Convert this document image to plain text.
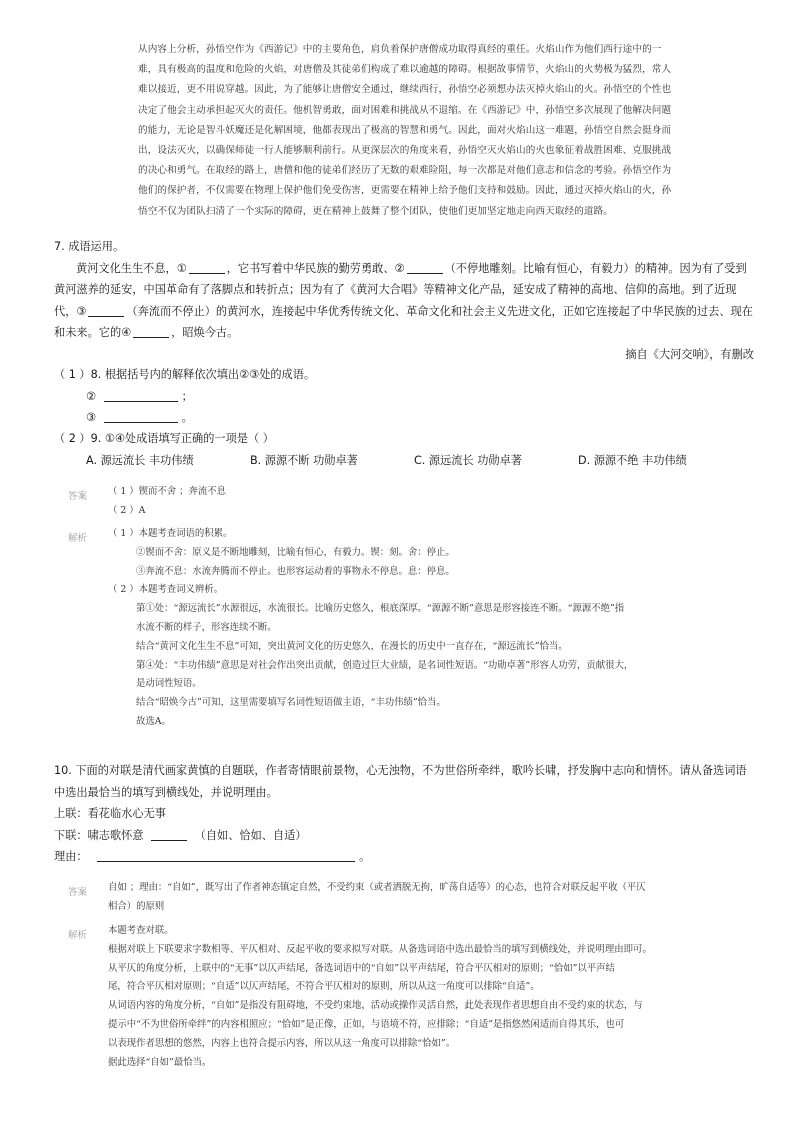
从内容上分析，孙悟空作为《西游记》中的主要角色，肩负着保护唐僧成功取得真经的重任。火焰山作为他们西行途中的一
难，具有极高的温度和危险的火焰，对唐僧及其徒弟们构成了难以逾越的障碍。根据故事情节，火焰山的火势极为猛烈，常人
难以接近，更不用说穿越。因此，为了能够让唐僧安全通过，继续西行，孙悟空必须想办法灭掉火焰山的火。孙悟空的个性也
决定了他会主动承担起灭火的责任。他机智勇敢，面对困难和挑战从不退缩。在《西游记》中，孙悟空多次展现了他解决问题
的能力，无论是智斗妖魔还是化解困境，他都表现出了极高的智慧和勇气。因此，面对火焰山这一难题，孙悟空自然会挺身而
出，设法灭火，以确保师徒一行人能够顺利前行。从更深层次的角度来看，孙悟空灭火焰山的火也象征着战胜困难、克服挑战
的决心和勇气。在取经的路上，唐僧和他的徒弟们经历了无数的艰难险阻，每一次都是对他们意志和信念的考验。孙悟空作为
他们的保护者，不仅需要在物理上保护他们免受伤害，更需要在精神上给予他们支持和鼓励。因此，通过灭掉火焰山的火，孙
悟空不仅为团队扫清了一个实际的障碍，更在精神上鼓舞了整个团队，使他们更加坚定地走向西天取经的道路。
7. 成语运用。
黄河文化生生不息，①	，它书写着中华民族的勤劳勇敢、②	（不停地雕刻。比喻有恒心，有毅力）的精神。因为有了受到
黄河滋养的延安，中国革命有了落脚点和转折点；因为有了《黄河大合唱》等精神文化产品，延安成了精神的高地、信仰的高地。到了近现
代，③	（奔流而不停止）的黄河水，连接起中华优秀传统文化、革命文化和社会主义先进文化，正如它连接起了中华民族的过去、现在
和未来。它的④	，昭焕今古。
摘自《大河交响》，有删改
（ 1 ）8. 根据括号内的解释依次填出②③处的成语。
②	；
③	。
（ 2 ）9. ①④处成语填写正确的一项是（ ）
A. 源远流长 丰功伟绩	B. 源源不断 功勋卓著	C. 源远流长 功勋卓著	D. 源源不绝 丰功伟绩
答案 （ 1 ）锲而不舍 ；奔流不息
（ 2 ）A
解析 （ 1 ）本题考查词语的积累。
②锲而不舍：原义是不断地雕刻，比喻有恒心，有毅力。锲：刻。舍：停止。
③奔流不息：水流奔腾而不停止。也形容运动着的事物永不停息。息：停息。
（ 2 ）本题考查词义辨析。
第①处：“源远流长”水源很远，水流很长。比喻历史悠久，根底深厚。“源源不断”意思是形容接连不断。“源源不绝”指
水流不断的样子，形容连续不断。
结合“黄河文化生生不息”可知，突出黄河文化的历史悠久，在漫长的历史中一直存在，“源远流长”恰当。
第④处：“丰功伟绩”意思是对社会作出突出贡献，创造过巨大业绩，是名词性短语。“功勋卓著”形容人功劳，贡献很大，
是动词性短语。
结合“昭焕今古”可知，这里需要填写名词性短语做主语，“丰功伟绩”恰当。
故选A。
10. 下面的对联是清代画家黄慎的自题联，作者寄情眼前景物，心无浊物，不为世俗所牵绊，歌吟长啸，抒发胸中志向和情怀。请从备选词语
中选出最恰当的填写到横线处，并说明理由。
上联：看花临水心无事
下联：啸志歌怀意	（自如、恰如、自适）
理由：	。
答案 自如 ；理由：“自如”，既写出了作者神态镇定自然，不受约束（或者洒脱无拘，旷荡自适等）的心态，也符合对联反起平收（平仄
相合）的原则
解析 本题考查对联。
根据对联上下联要求字数相等、平仄相对、反起平收的要求拟写对联。从备选词语中选出最恰当的填写到横线处，并说明理由即可。
从平仄的角度分析，上联中的“无事”以仄声结尾，备选词语中的“自如”以平声结尾，符合平仄相对的原则；“恰如”以平声结
尾，符合平仄相对原则；“自适”以仄声结尾，不符合平仄相对的原则，所以从这一角度可以排除“自适”。
从词语内容的角度分析，“自如”是指没有阻碍地，不受约束地，活动或操作灵活自然，此处表现作者思想自由不受约束的状态，与
提示中“不为世俗所牵绊”的内容相照应；“恰如”是正像，正如，与语境不符，应排除；“自适”是指悠然闲适而自得其乐，也可
以表现作者思想的悠然，内容上也符合提示内容，所以从这一角度可以排除“恰如”。
据此选择“自如”最恰当。
